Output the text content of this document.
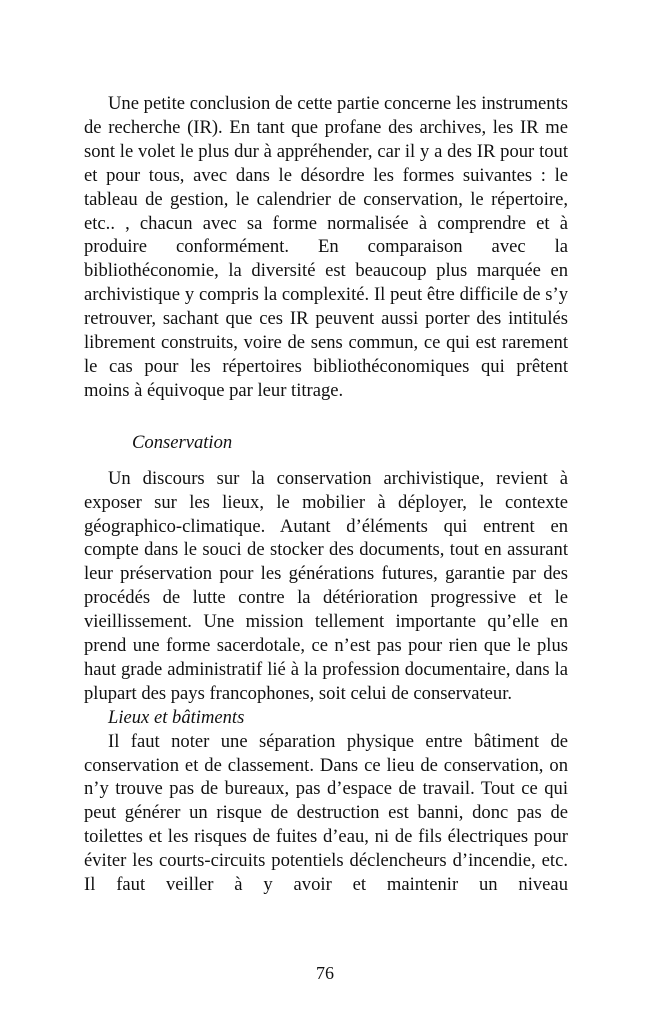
Une petite conclusion de cette partie concerne les instruments de recherche (IR). En tant que profane des archives, les IR me sont le volet le plus dur à appréhender, car il y a des IR pour tout et pour tous, avec dans le désordre les formes suivantes : le tableau de gestion, le calendrier de conservation, le répertoire, etc.. , chacun avec sa forme normalisée à comprendre et à produire conformément. En comparaison avec la bibliothéconomie, la diversité est beaucoup plus marquée en archivistique y compris la complexité. Il peut être difficile de s’y retrouver, sachant que ces IR peuvent aussi porter des intitulés librement construits, voire de sens commun, ce qui est rarement le cas pour les répertoires bibliothéconomiques qui prêtent moins à équivoque par leur titrage.

Conservation

Un discours sur la conservation archivistique, revient à exposer sur les lieux, le mobilier à déployer, le contexte géographico-climatique. Autant d’éléments qui entrent en compte dans le souci de stocker des documents, tout en assurant leur préservation pour les générations futures, garantie par des procédés de lutte contre la détérioration progressive et le vieillissement. Une mission tellement importante qu’elle en prend une forme sacerdotale, ce n’est pas pour rien que le plus haut grade administratif lié à la profession documentaire, dans la plupart des pays francophones, soit celui de conservateur.

Lieux et bâtiments

Il faut noter une séparation physique entre bâtiment de conservation et de classement. Dans ce lieu de conservation, on n’y trouve pas de bureaux, pas d’espace de travail. Tout ce qui peut générer un risque de destruction est banni, donc pas de toilettes et les risques de fuites d’eau, ni de fils électriques pour éviter les courts-circuits potentiels déclencheurs d’incendie, etc. Il faut veiller à y avoir et maintenir un niveau

76
